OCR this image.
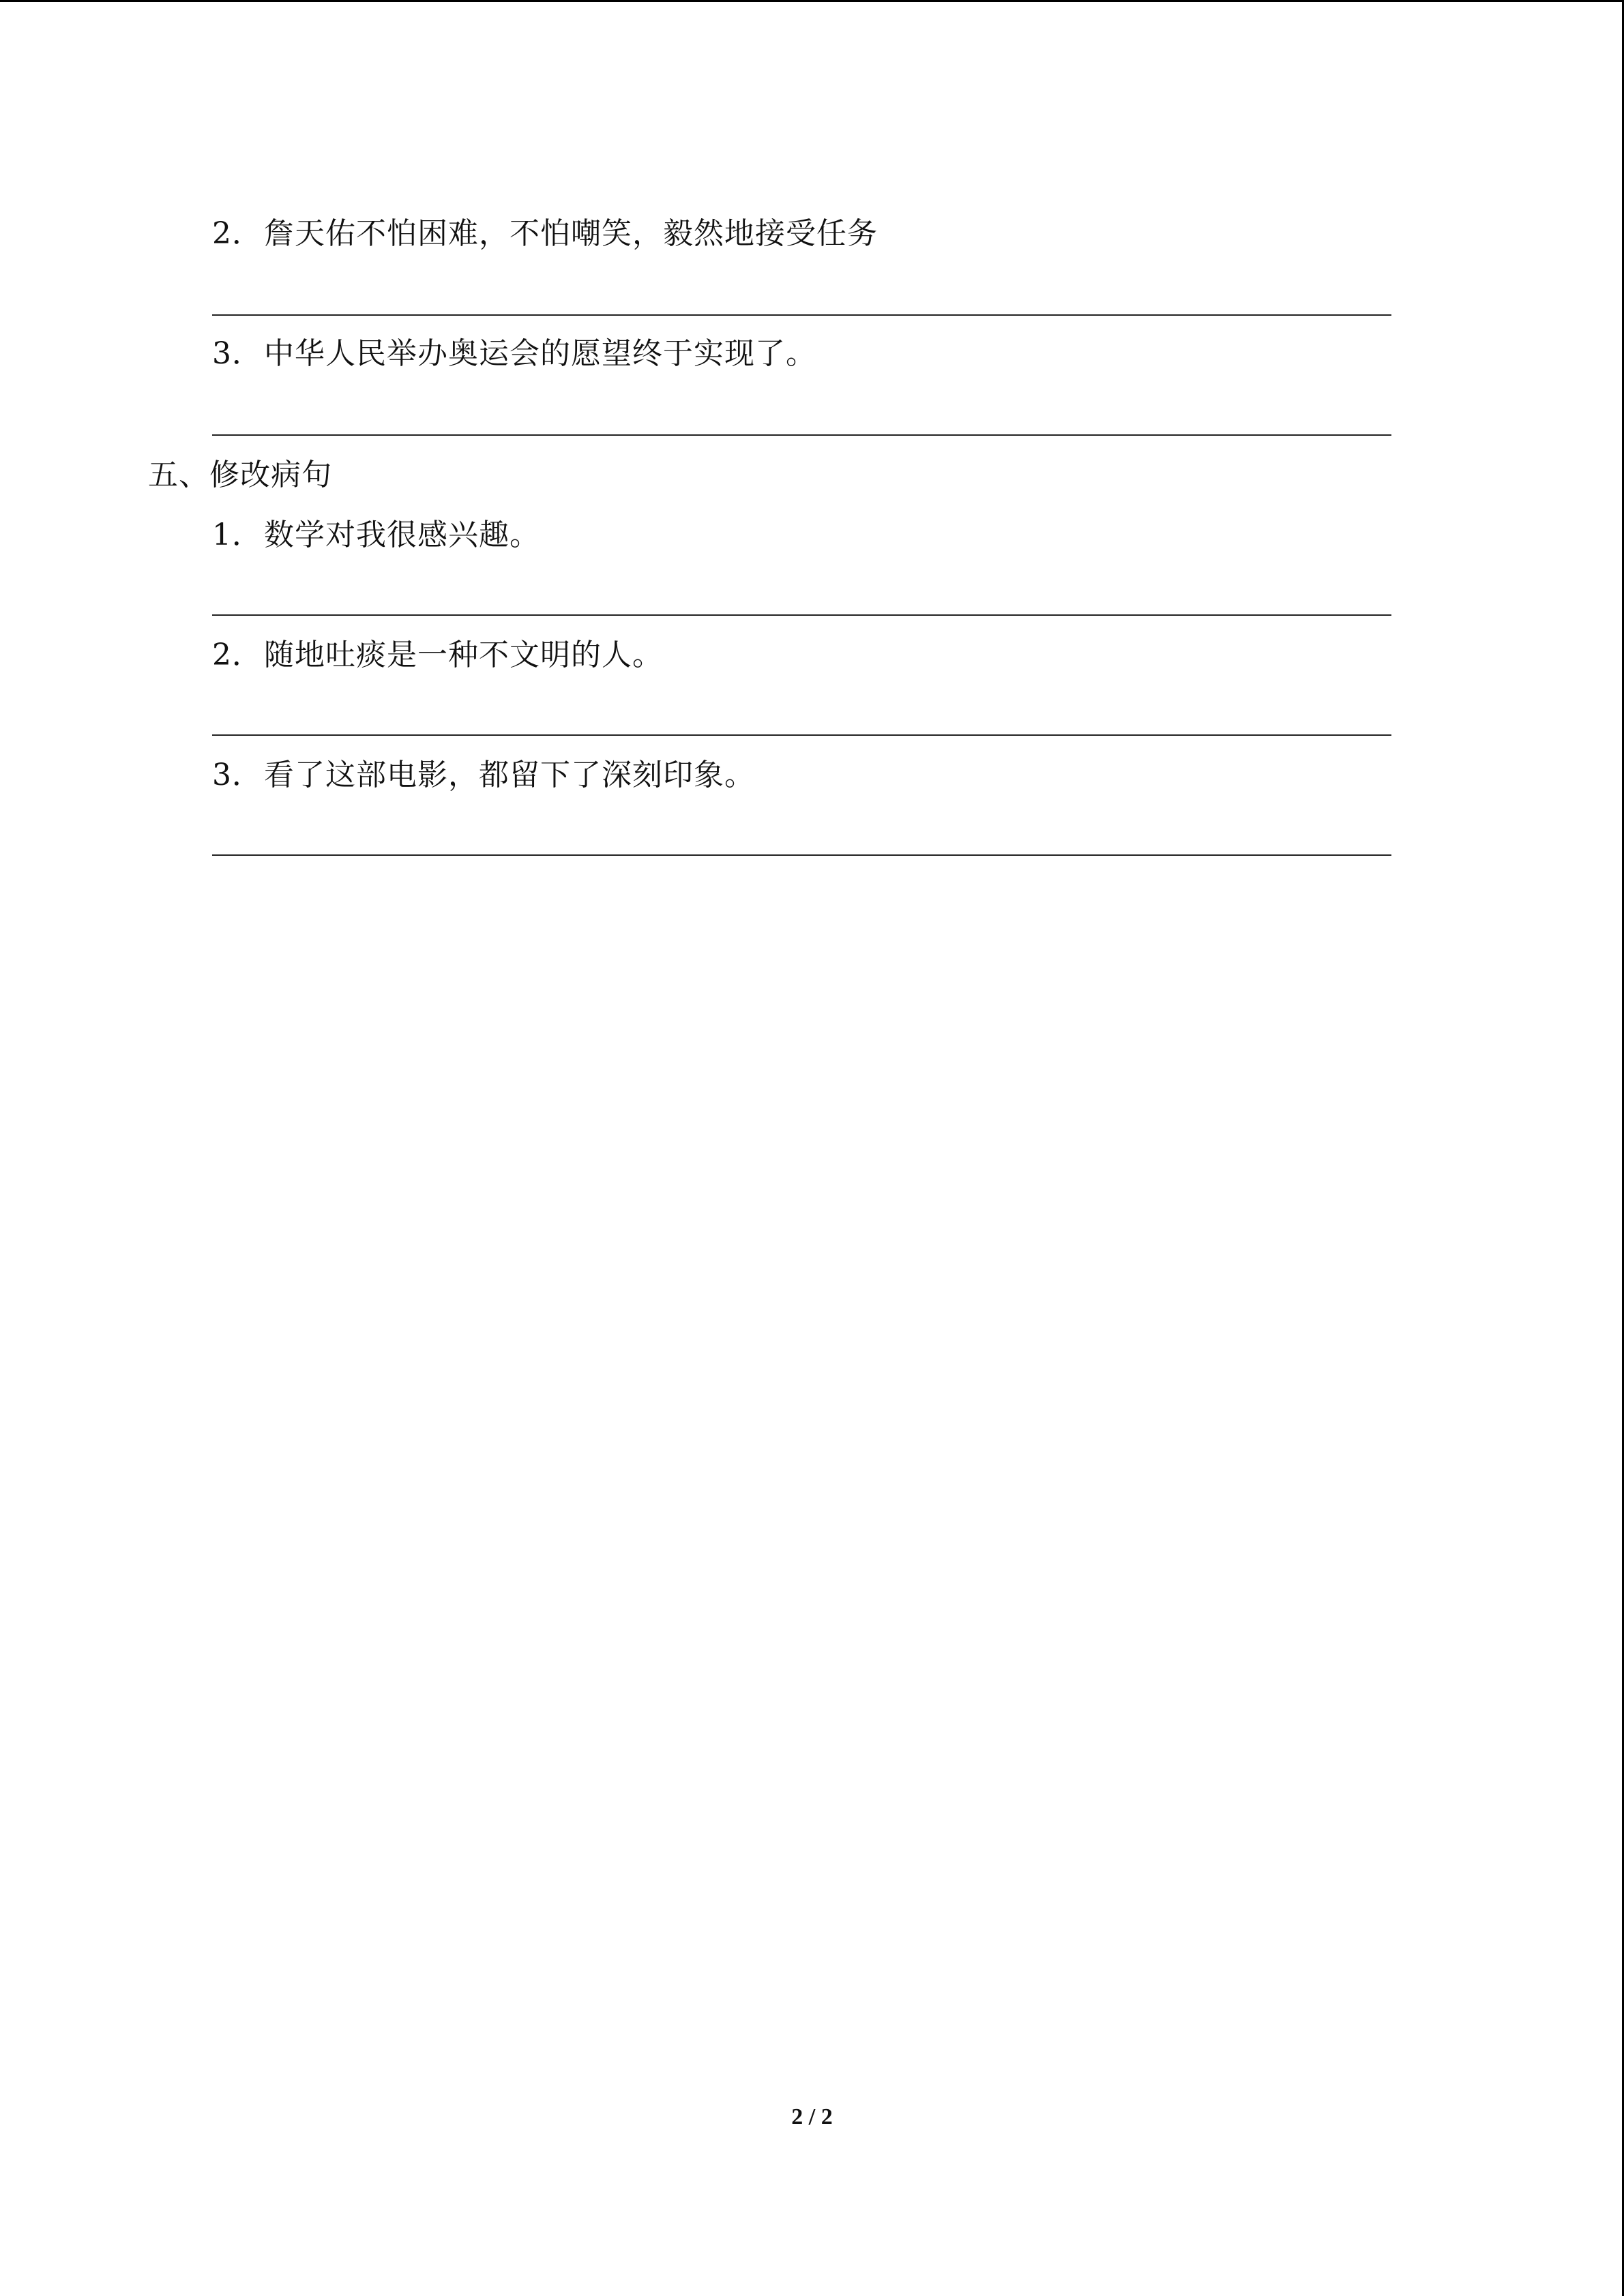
2．詹天佑不怕困难，不怕嘲笑，毅然地接受任务
3．中华人民举办奥运会的愿望终于实现了。
五、修改病句
1．数学对我很感兴趣。
2．随地吐痰是一种不文明的人。
3．看了这部电影，都留下了深刻印象。
2 / 2
